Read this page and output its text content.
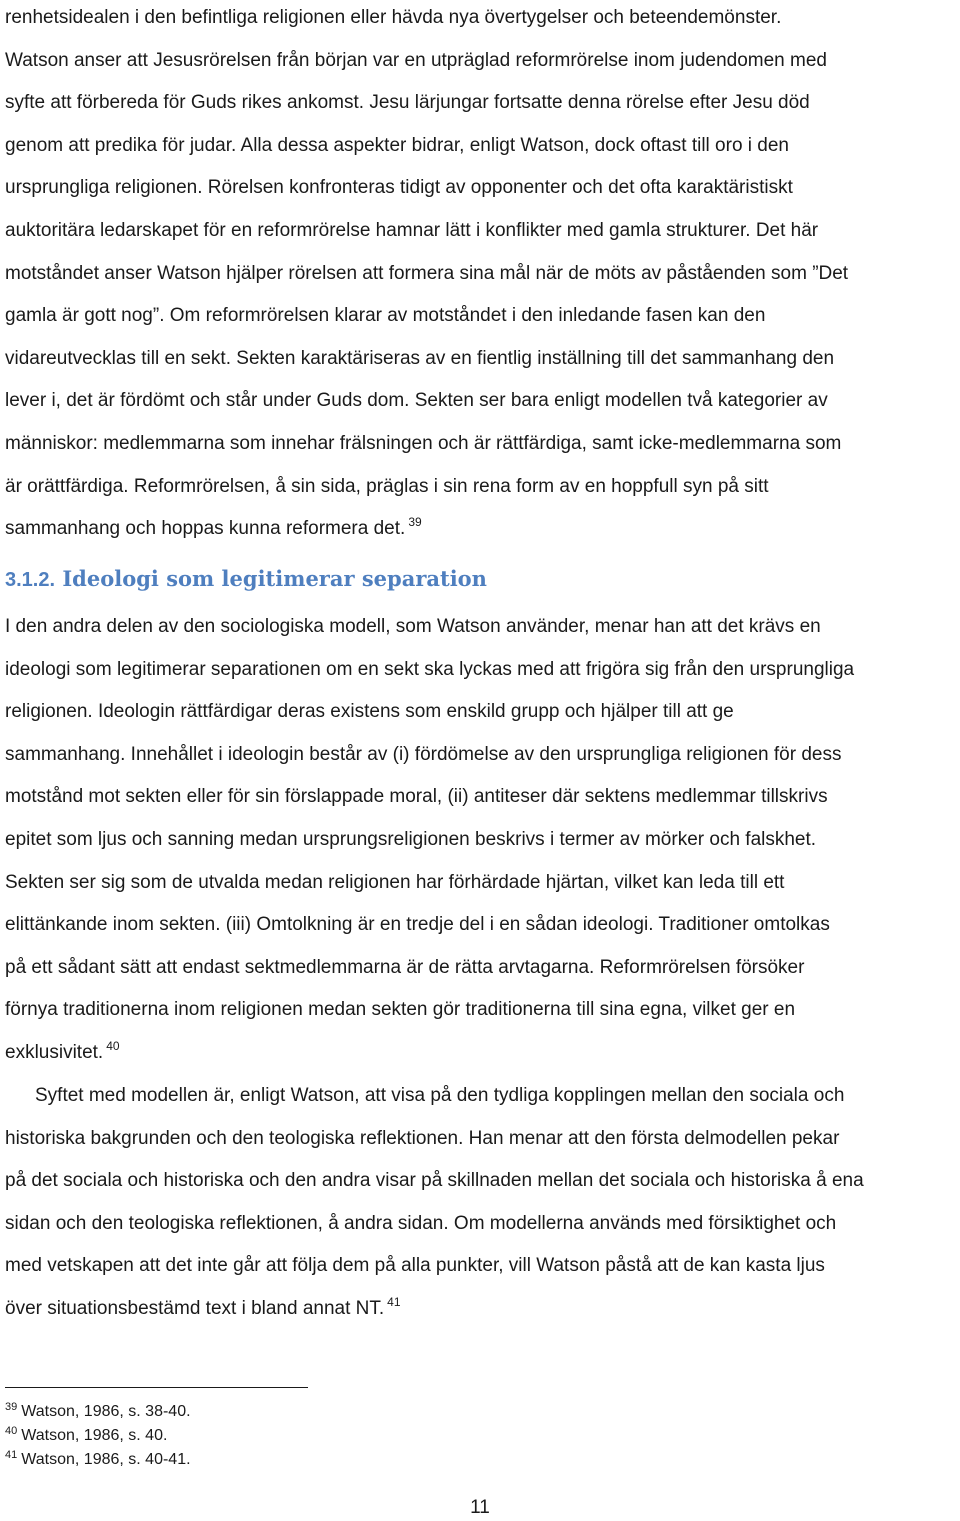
renhetsidealen i den befintliga religionen eller hävda nya övertygelser och beteendemönster.
Watson anser att Jesusrörelsen från början var en utpräglad reformrörelse inom judendomen med
syfte att förbereda för Guds rikes ankomst. Jesu lärjungar fortsatte denna rörelse efter Jesu död
genom att predika för judar. Alla dessa aspekter bidrar, enligt Watson, dock oftast till oro i den
ursprungliga religionen. Rörelsen konfronteras tidigt av opponenter och det ofta karaktäristiskt
auktoritära ledarskapet för en reformrörelse hamnar lätt i konflikter med gamla strukturer. Det här
motståndet anser Watson hjälper rörelsen att formera sina mål när de möts av påståenden som ”Det
gamla är gott nog”. Om reformrörelsen klarar av motståndet i den inledande fasen kan den
vidareutvecklas till en sekt. Sekten karaktäriseras av en fientlig inställning till det sammanhang den
lever i, det är fördömt och står under Guds dom. Sekten ser bara enligt modellen två kategorier av
människor: medlemmarna som innehar frälsningen och är rättfärdiga, samt icke-medlemmarna som
är orättfärdiga. Reformrörelsen, å sin sida, präglas i sin rena form av en hoppfull syn på sitt
sammanhang och hoppas kunna reformera det. $^{39}$
3.1.2. Ideologi som legitimerar separation
I den andra delen av den sociologiska modell, som Watson använder, menar han att det krävs en
ideologi som legitimerar separationen om en sekt ska lyckas med att frigöra sig från den ursprungliga
religionen. Ideologin rättfärdigar deras existens som enskild grupp och hjälper till att ge
sammanhang. Innehållet i ideologin består av (i) fördömelse av den ursprungliga religionen för dess
motstånd mot sekten eller för sin förslappade moral, (ii) antiteser där sektens medlemmar tillskrivs
epitet som ljus och sanning medan ursprungsreligionen beskrivs i termer av mörker och falskhet.
Sekten ser sig som de utvalda medan religionen har förhärdade hjärtan, vilket kan leda till ett
elittänkande inom sekten. (iii) Omtolkning är en tredje del i en sådan ideologi. Traditioner omtolkas
på ett sådant sätt att endast sektmedlemmarna är de rätta arvtagarna. Reformrörelsen försöker
förnya traditionerna inom religionen medan sekten gör traditionerna till sina egna, vilket ger en
exklusivitet. $^{40}$
Syftet med modellen är, enligt Watson, att visa på den tydliga kopplingen mellan den sociala och
historiska bakgrunden och den teologiska reflektionen. Han menar att den första delmodellen pekar
på det sociala och historiska och den andra visar på skillnaden mellan det sociala och historiska å ena
sidan och den teologiska reflektionen, å andra sidan. Om modellerna används med försiktighet och
med vetskapen att det inte går att följa dem på alla punkter, vill Watson påstå att de kan kasta ljus
över situationsbestämd text i bland annat NT. $^{41}$
$^{39}$ Watson, 1986, s. 38-40.
$^{40}$ Watson, 1986, s. 40.
$^{41}$ Watson, 1986, s. 40-41.
11
